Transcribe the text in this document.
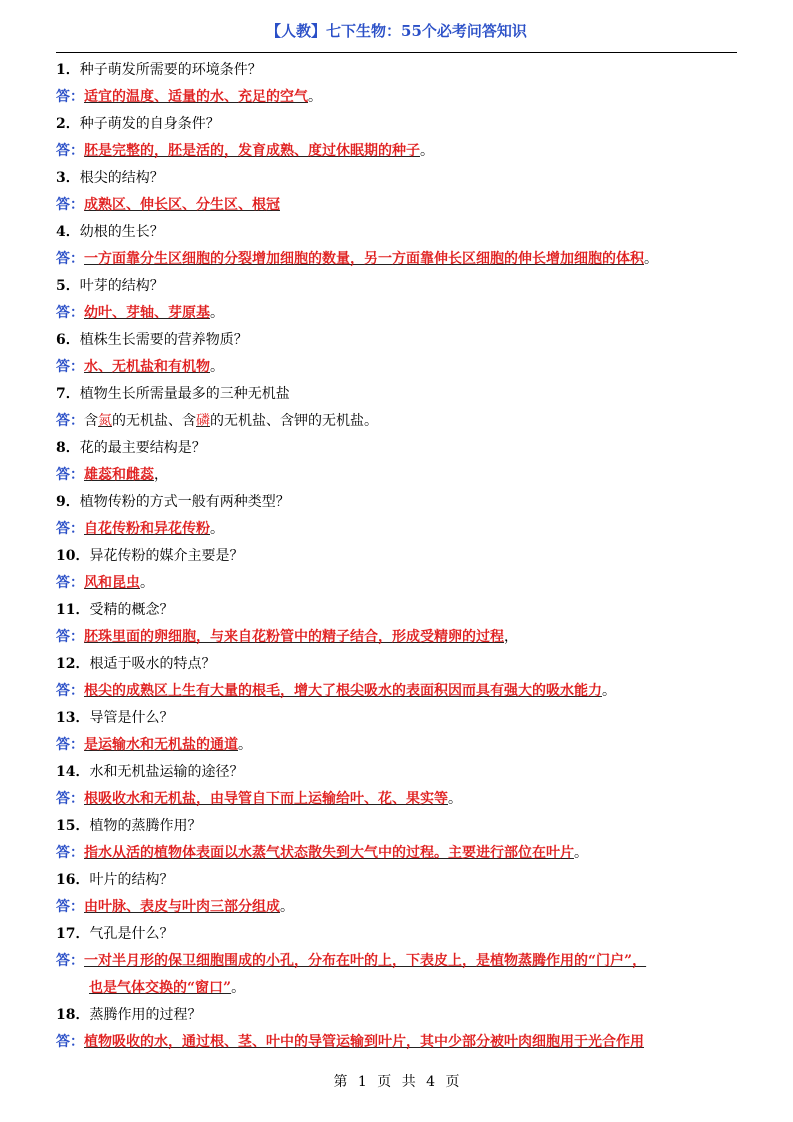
【人教】七下生物：55个必考问答知识
1．种子萌发所需要的环境条件？
答：适宜的温度、适量的水、充足的空气。
2．种子萌发的自身条件？
答：胚是完整的，胚是活的，发育成熟、度过休眠期的种子。
3．根尖的结构？
答：成熟区、伸长区、分生区、根冠
4．幼根的生长？
答：一方面靠分生区细胞的分裂增加细胞的数量，另一方面靠伸长区细胞的伸长增加细胞的体积。
5．叶芽的结构？
答：幼叶、芽轴、芽原基。
6．植株生长需要的营养物质？
答：水、无机盐和有机物。
7．植物生长所需量最多的三种无机盐
答：含氮的无机盐、含磷的无机盐、含钾的无机盐。
8．花的最主要结构是？
答：雄蕊和雌蕊，
9．植物传粉的方式一般有两种类型？
答：自花传粉和异花传粉。
10．异花传粉的媒介主要是？
答：风和昆虫。
11．受精的概念？
答：胚珠里面的卵细胞，与来自花粉管中的精子结合，形成受精卵的过程，
12．根适于吸水的特点？
答：根尖的成熟区上生有大量的根毛，增大了根尖吸水的表面积因而具有强大的吸水能力。
13．导管是什么？
答：是运输水和无机盐的通道。
14．水和无机盐运输的途径？
答：根吸收水和无机盐，由导管自下而上运输给叶、花、果实等。
15．植物的蒸腾作用？
答：指水从活的植物体表面以水蒸气状态散失到大气中的过程。主要进行部位在叶片。
16．叶片的结构？
答：由叶脉、表皮与叶肉三部分组成。
17．气孔是什么？
答：一对半月形的保卫细胞围成的小孔，分布在叶的上，下表皮上，是植物蒸腾作用的“门户”，
也是气体交换的“窗口”。
18．蒸腾作用的过程？
答：植物吸收的水，通过根、茎、叶中的导管运输到叶片，其中少部分被叶肉细胞用于光合作用
第 1 页 共 4 页
